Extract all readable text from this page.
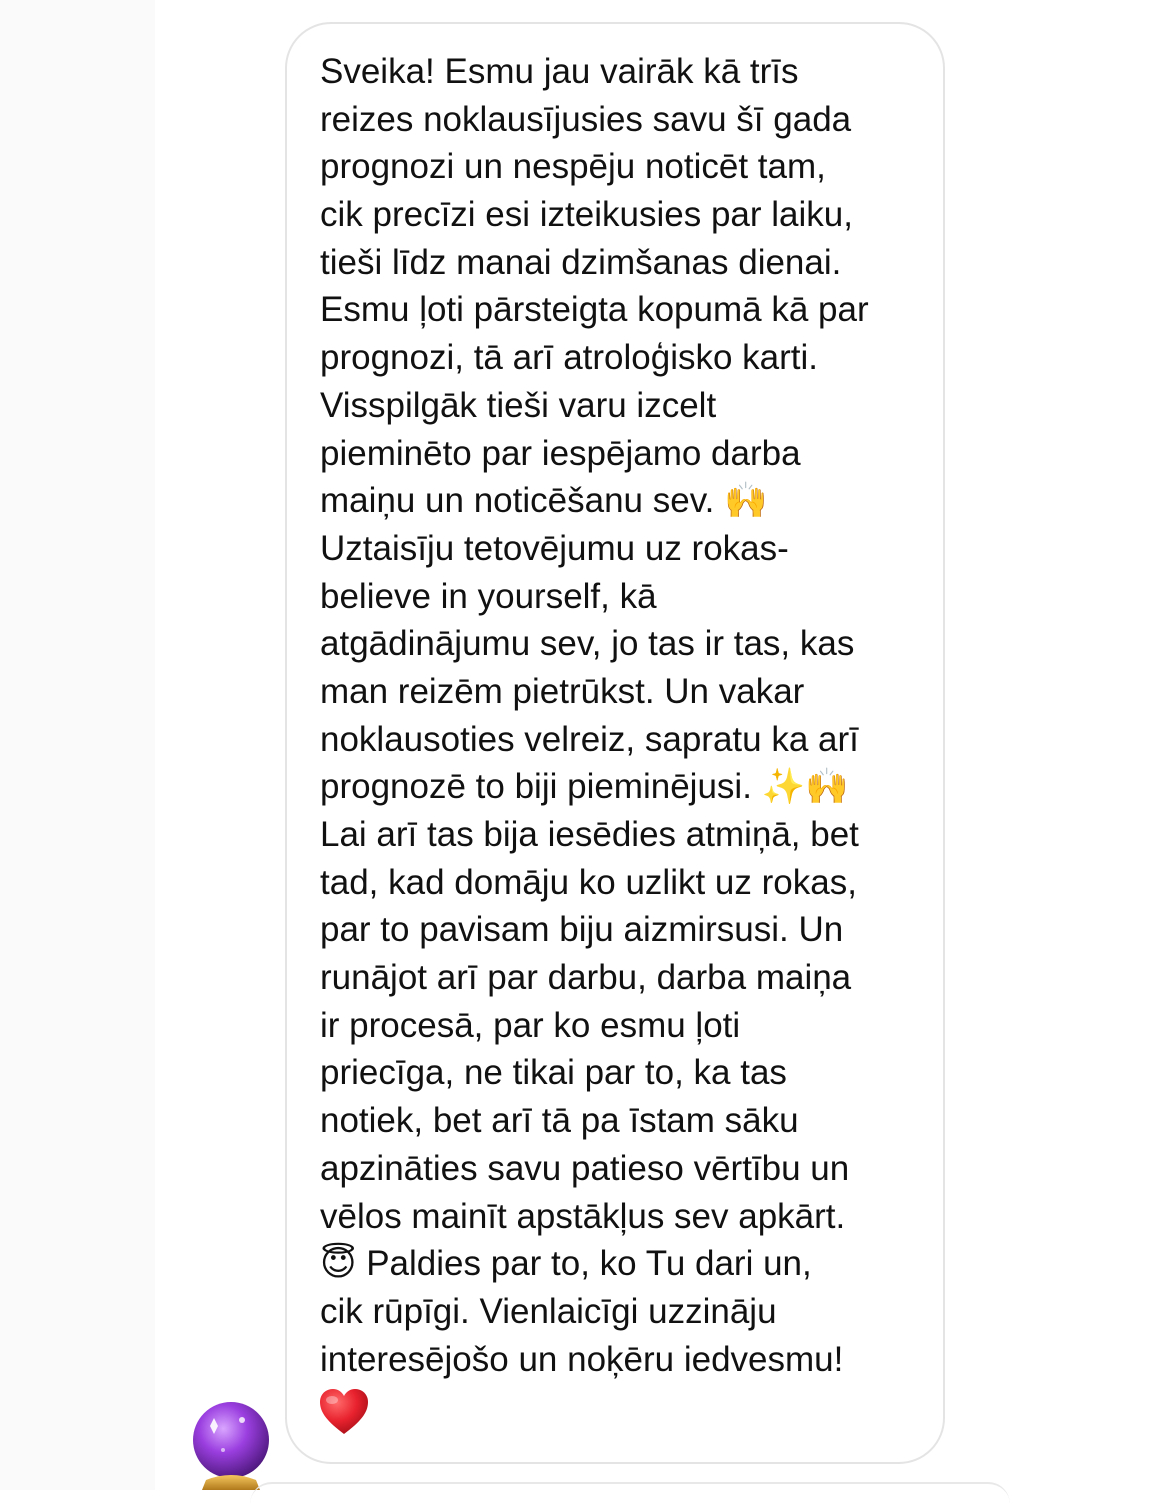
Sveika! Esmu jau vairāk kā trīs
reizes noklausījusies savu šī gada
prognozi un nespēju noticēt tam,
cik precīzi esi izteikusies par laiku,
tieši līdz manai dzimšanas dienai.
Esmu ļoti pārsteigta kopumā kā par
prognozi, tā arī atroloģisko karti.
Visspilgāk tieši varu izcelt
pieminēto par iespējamo darba
maiņu un noticēšanu sev. 🙌
Uztaisīju tetovējumu uz rokas-
believe in yourself, kā
atgādinājumu sev, jo tas ir tas, kas
man reizēm pietrūkst. Un vakar
noklausoties velreiz, sapratu ka arī
prognozē to biji pieminējusi. ✨🙌
Lai arī tas bija iesēdies atmiņā, bet
tad, kad domāju ko uzlikt uz rokas,
par to pavisam biju aizmirsusi. Un
runājot arī par darbu, darba maiņa
ir procesā, par ko esmu ļoti
priecīga, ne tikai par to, ka tas
notiek, bet arī tā pa īstam sāku
apzināties savu patieso vērtību un
vēlos mainīt apstākļus sev apkārt.
😇 Paldies par to, ko Tu dari un,
cik rūpīgi. Vienlaicīgi uzzināju
interesējošo un noķēru iedvesmu!
